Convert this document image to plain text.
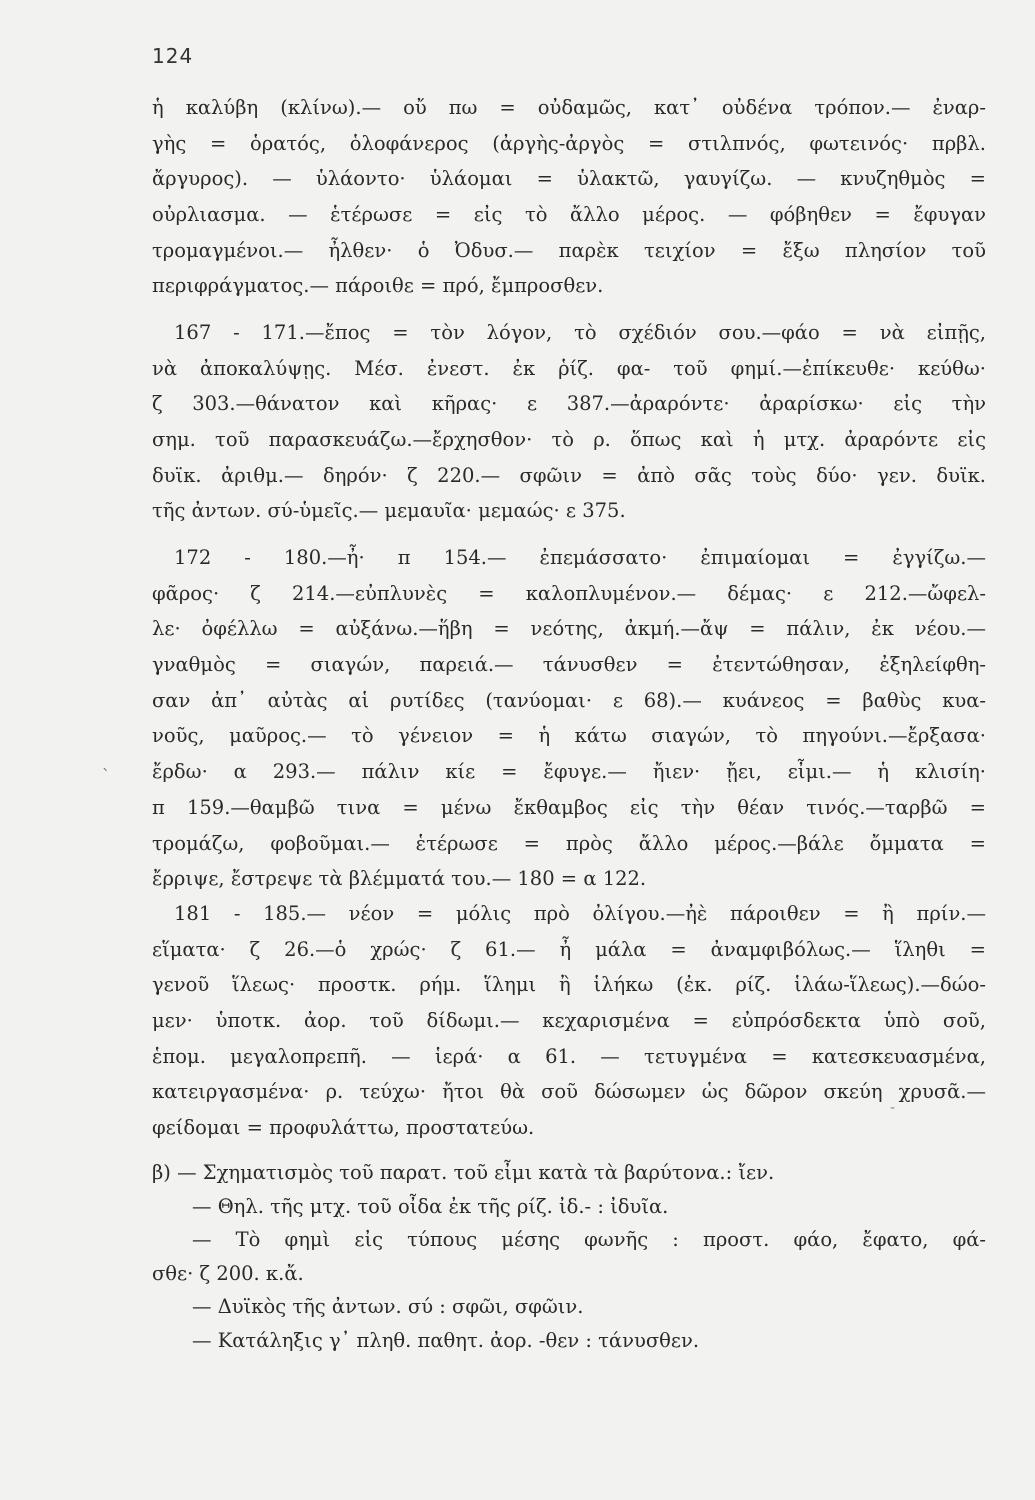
124
`
-
ἡ καλύβη (κλίνω).— οὔ πω = οὐδαμῶς, κατ᾽ οὐδένα τρόπον.— ἐναρ-
γὴς = ὁρατός, ὁλοφάνερος (ἀργὴς-ἀργὸς = στιλπνός, φωτεινός· πρβλ.
ἄργυρος). — ὑλάοντο· ὑλάομαι = ὑλακτῶ, γαυγίζω. — κνυζηθμὸς =
οὐρλιασμα. — ἑτέρωσε = εἰς τὸ ἄλλο μέρος. — φόβηθεν = ἔφυγαν
τρομαγμένοι.— ἦλθεν· ὁ Ὀδυσ.— παρὲκ τειχίον = ἔξω πλησίον τοῦ
περιφράγματος.— πάροιθε = πρό, ἔμπροσθεν.
167 - 171.—ἔπος = τὸν λόγον, τὸ σχέδιόν σου.—φάο = νὰ εἰπῇς,
νὰ ἀποκαλύψῃς. Μέσ. ἐνεστ. ἐκ ῥίζ. φα- τοῦ φημί.—ἐπίκευθε· κεύθω·
ζ 303.—θάνατον καὶ κῆρας· ε 387.—ἀραρόντε· ἀραρίσκω· εἰς τὴν
σημ. τοῦ παρασκευάζω.—ἔρχησθον· τὸ ρ. ὅπως καὶ ἡ μτχ. ἀραρόντε εἰς
δυϊκ. ἀριθμ.— δηρόν· ζ 220.— σφῶιν = ἀπὸ σᾶς τοὺς δύο· γεν. δυϊκ.
τῆς ἀντων. σύ-ὑμεῖς.— μεμαυῖα· μεμαώς· ε 375.
172 - 180.—ἦ· π 154.— ἐπεμάσσατο· ἐπιμαίομαι = ἐγγίζω.—
φᾶρος· ζ 214.—εὐπλυνὲς = καλοπλυμένον.— δέμας· ε 212.—ὤφελ-
λε· ὀφέλλω = αὐξάνω.—ἥβη = νεότης, ἀκμή.—ἄψ = πάλιν, ἐκ νέου.—
γναθμὸς = σιαγών, παρειά.— τάνυσθεν = ἐτεντώθησαν, ἐξηλείφθη-
σαν ἀπ᾽ αὐτὰς αἱ ρυτίδες (τανύομαι· ε 68).— κυάνεος = βαθὺς κυα-
νοῦς, μαῦρος.— τὸ γένειον = ἡ κάτω σιαγών, τὸ πηγούνι.—ἔρξασα·
ἔρδω· α 293.— πάλιν κίε = ἔφυγε.— ἤιεν· ᾔει, εἶμι.— ἡ κλισίη·
π 159.—θαμβῶ τινα = μένω ἔκθαμβος εἰς τὴν θέαν τινός.—ταρβῶ =
τρομάζω, φοβοῦμαι.— ἑτέρωσε = πρὸς ἄλλο μέρος.—βάλε ὄμματα =
ἔρριψε, ἔστρεψε τὰ βλέμματά του.— 180 = α 122.
181 - 185.— νέον = μόλις πρὸ ὀλίγου.—ἠὲ πάροιθεν = ἢ πρίν.—
εἵματα· ζ 26.—ὁ χρώς· ζ 61.— ἦ μάλα = ἀναμφιβόλως.— ἵληθι =
γενοῦ ἵλεως· προστκ. ρήμ. ἵλημι ἢ ἱλήκω (ἐκ. ρίζ. ἱλάω-ἵλεως).—δώο-
μεν· ὑποτκ. ἀορ. τοῦ δίδωμι.— κεχαρισμένα = εὐπρόσδεκτα ὑπὸ σοῦ,
ἑπομ. μεγαλοπρεπῆ. — ἱερά· α 61. — τετυγμένα = κατεσκευασμένα,
κατειργασμένα· ρ. τεύχω· ἤτοι θὰ σοῦ δώσωμεν ὡς δῶρον σκεύη χρυσᾶ.—
φείδομαι = προφυλάττω, προστατεύω.
β) — Σχηματισμὸς τοῦ παρατ. τοῦ εἶμι κατὰ τὰ βαρύτονα.: ἴεν.
— Θηλ. τῆς μτχ. τοῦ οἶδα ἐκ τῆς ρίζ. ἰδ.- : ἰδυῖα.
— Τὸ φημὶ εἰς τύπους μέσης φωνῆς : προστ. φάο, ἔφατο, φά-
σθε· ζ 200. κ.ἄ.
— Δυϊκὸς τῆς ἀντων. σύ : σφῶι, σφῶιν.
— Κατάληξις γ᾽ πληθ. παθητ. ἀορ. -θεν : τάνυσθεν.
